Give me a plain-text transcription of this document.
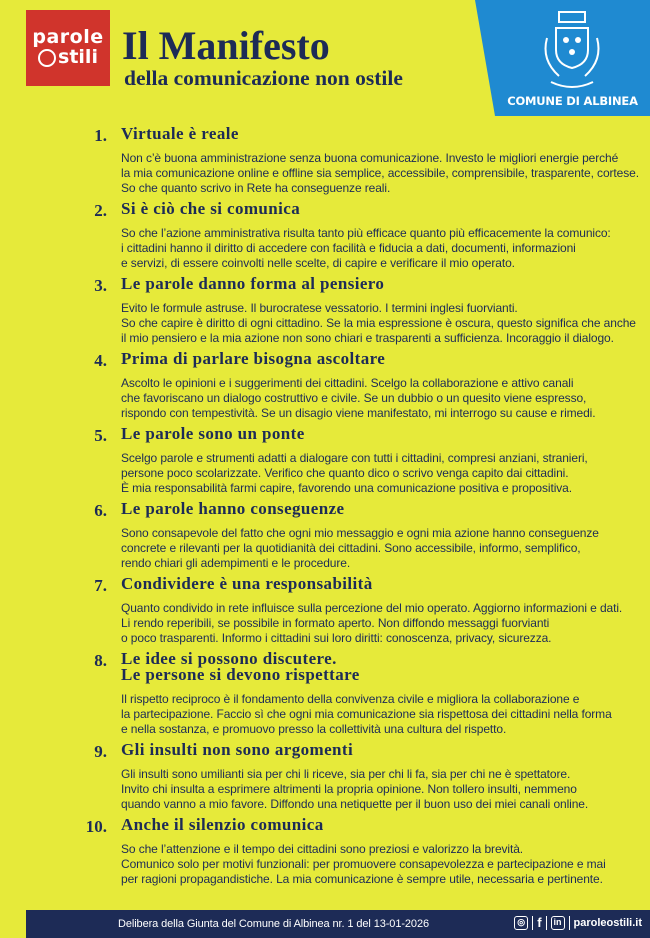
parole
stili Il Manifesto
della comunicazione non ostile
COMUNE DI ALBINEA
1. Virtuale è reale
Non c’è buona amministrazione senza buona comunicazione. Investo le migliori energie perché
la mia comunicazione online e offline sia semplice, accessibile, comprensibile, trasparente, cortese.
So che quanto scrivo in Rete ha conseguenze reali.
2. Si è ciò che si comunica
So che l’azione amministrativa risulta tanto più efficace quanto più efficacemente la comunico:
i cittadini hanno il diritto di accedere con facilità e fiducia a dati, documenti, informazioni
e servizi, di essere coinvolti nelle scelte, di capire e verificare il mio operato.
3. Le parole danno forma al pensiero
Evito le formule astruse. Il burocratese vessatorio. I termini inglesi fuorvianti.
So che capire è diritto di ogni cittadino. Se la mia espressione è oscura, questo significa che anche
il mio pensiero e la mia azione non sono chiari e trasparenti a sufficienza. Incoraggio il dialogo.
4. Prima di parlare bisogna ascoltare
Ascolto le opinioni e i suggerimenti dei cittadini. Scelgo la collaborazione e attivo canali
che favoriscano un dialogo costruttivo e civile. Se un dubbio o un quesito viene espresso,
rispondo con tempestività. Se un disagio viene manifestato, mi interrogo su cause e rimedi.
5. Le parole sono un ponte
Scelgo parole e strumenti adatti a dialogare con tutti i cittadini, compresi anziani, stranieri,
persone poco scolarizzate. Verifico che quanto dico o scrivo venga capito dai cittadini.
È mia responsabilità farmi capire, favorendo una comunicazione positiva e propositiva.
6. Le parole hanno conseguenze
Sono consapevole del fatto che ogni mio messaggio e ogni mia azione hanno conseguenze
concrete e rilevanti per la quotidianità dei cittadini. Sono accessibile, informo, semplifico,
rendo chiari gli adempimenti e le procedure.
7. Condividere è una responsabilità
Quanto condivido in rete influisce sulla percezione del mio operato. Aggiorno informazioni e dati.
Li rendo reperibili, se possibile in formato aperto. Non diffondo messaggi fuorvianti
o poco trasparenti. Informo i cittadini sui loro diritti: conoscenza, privacy, sicurezza.
8. Le idee si possono discutere.
Le persone si devono rispettare
Il rispetto reciproco è il fondamento della convivenza civile e migliora la collaborazione e
la partecipazione. Faccio sì che ogni mia comunicazione sia rispettosa dei cittadini nella forma
e nella sostanza, e promuovo presso la collettività una cultura del rispetto.
9. Gli insulti non sono argomenti
Gli insulti sono umilianti sia per chi li riceve, sia per chi li fa, sia per chi ne è spettatore.
Invito chi insulta a esprimere altrimenti la propria opinione. Non tollero insulti, nemmeno
quando vanno a mio favore. Diffondo una netiquette per il buon uso dei miei canali online.
10. Anche il silenzio comunica
So che l’attenzione e il tempo dei cittadini sono preziosi e valorizzo la brevità.
Comunico solo per motivi funzionali: per promuovere consapevolezza e partecipazione e mai
per ragioni propagandistiche. La mia comunicazione è sempre utile, necessaria e pertinente.
Delibera della Giunta del Comune di Albinea nr. 1 del 13-01-2026	◎ f	in paroleostili.it
